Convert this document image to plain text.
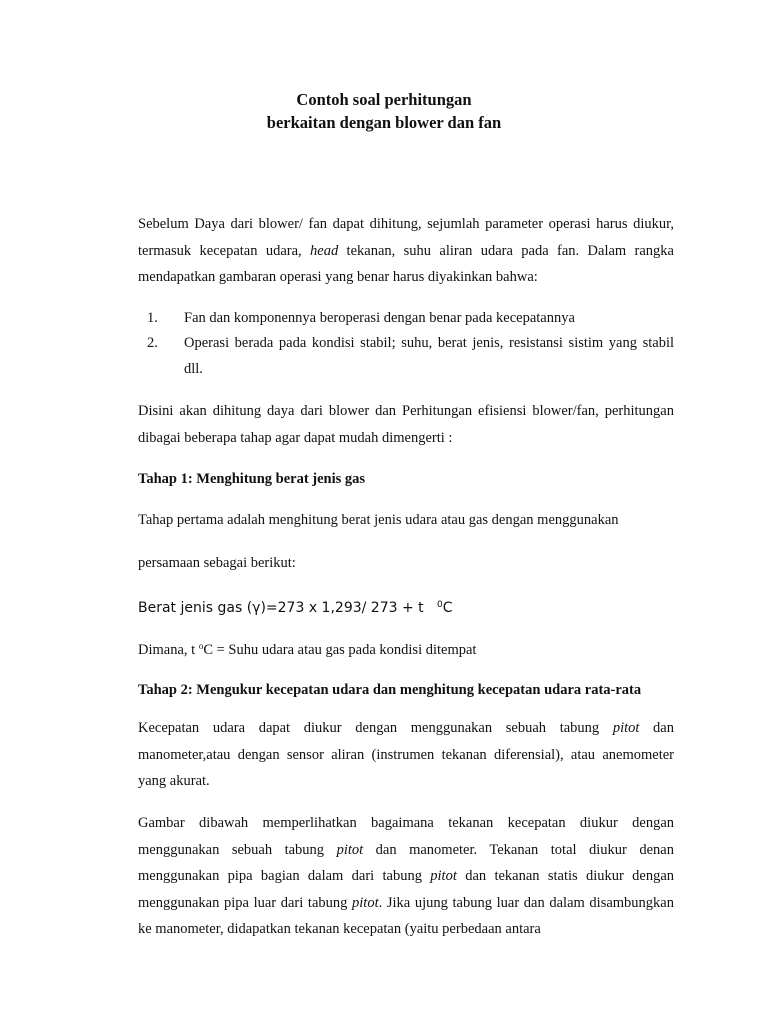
Contoh soal perhitungan
berkaitan dengan blower dan fan

Sebelum Daya dari blower/ fan dapat dihitung, sejumlah parameter operasi harus diukur, termasuk kecepatan udara, head tekanan, suhu aliran udara pada fan. Dalam rangka mendapatkan gambaran operasi yang benar harus diyakinkan bahwa:

1. Fan dan komponennya beroperasi dengan benar pada kecepatannya
2. Operasi berada pada kondisi stabil; suhu, berat jenis, resistansi sistim yang stabil dll.

Disini akan dihitung daya dari blower dan Perhitungan efisiensi blower/fan, perhitungan dibagai beberapa tahap agar dapat mudah dimengerti :

Tahap 1: Menghitung berat jenis gas
Tahap pertama adalah menghitung berat jenis udara atau gas dengan menggunakan
persamaan sebagai berikut:
Berat jenis gas (γ)=273 x 1,293/ 273 + t $^0$C
Dimana, t $^o$C = Suhu udara atau gas pada kondisi ditempat
Tahap 2: Mengukur kecepatan udara dan menghitung kecepatan udara rata-rata

Kecepatan udara dapat diukur dengan menggunakan sebuah tabung pitot dan manometer,atau dengan sensor aliran (instrumen tekanan diferensial), atau anemometer yang akurat.

Gambar dibawah memperlihatkan bagaimana tekanan kecepatan diukur dengan menggunakan sebuah tabung pitot dan manometer. Tekanan total diukur denan menggunakan pipa bagian dalam dari tabung pitot dan tekanan statis diukur dengan menggunakan pipa luar dari tabung pitot. Jika ujung tabung luar dan dalam disambungkan ke manometer, didapatkan tekanan kecepatan (yaitu perbedaan antara
